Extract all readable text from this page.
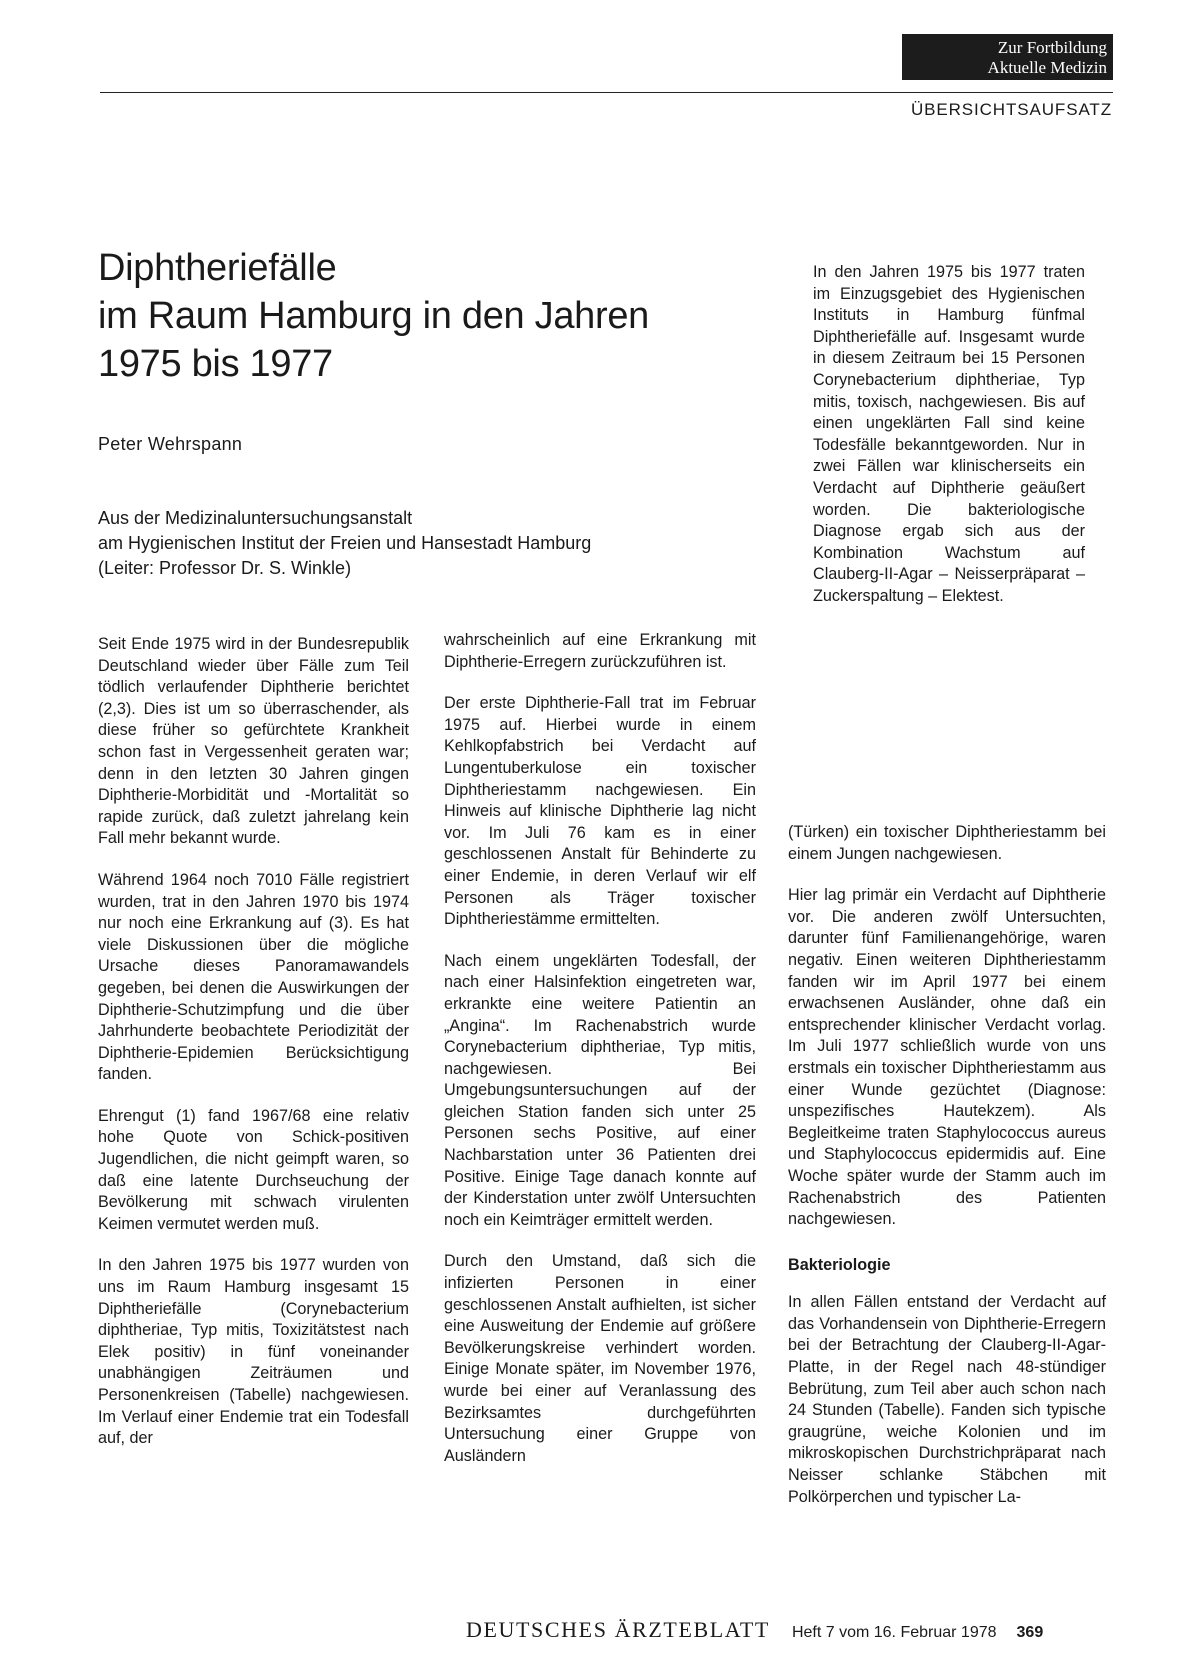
Zur Fortbildung
Aktuelle Medizin
ÜBERSICHTSAUFSATZ
Diphtheriefälle
im Raum Hamburg in den Jahren
1975 bis 1977
Peter Wehrspann
Aus der Medizinaluntersuchungsanstalt
am Hygienischen Institut der Freien und Hansestadt Hamburg
(Leiter: Professor Dr. S. Winkle)

In den Jahren 1975 bis 1977 traten im Einzugsgebiet des Hygienischen Instituts in Hamburg fünfmal Diphtheriefälle auf. Insgesamt wurde in diesem Zeitraum bei 15 Personen Corynebacterium diphtheriae, Typ mitis, toxisch, nachgewiesen. Bis auf einen ungeklärten Fall sind keine Todesfälle bekanntgeworden. Nur in zwei Fällen war klinischerseits ein Verdacht auf Diphtherie geäußert worden. Die bakteriologische Diagnose ergab sich aus der Kombination Wachstum auf Clauberg-II-Agar – Neisserpräparat – Zuckerspaltung – Elektest.

Seit Ende 1975 wird in der Bundesrepublik Deutschland wieder über Fälle zum Teil tödlich verlaufender Diphtherie berichtet (2,3). Dies ist um so überraschender, als diese früher so gefürchtete Krankheit schon fast in Vergessenheit geraten war; denn in den letzten 30 Jahren gingen Diphtherie-Morbidität und -Mortalität so rapide zurück, daß zuletzt jahrelang kein Fall mehr bekannt wurde.

Während 1964 noch 7010 Fälle registriert wurden, trat in den Jahren 1970 bis 1974 nur noch eine Erkrankung auf (3). Es hat viele Diskussionen über die mögliche Ursache dieses Panoramawandels gegeben, bei denen die Auswirkungen der Diphtherie-Schutzimpfung und die über Jahrhunderte beobachtete Periodizität der Diphtherie-Epidemien Berücksichtigung fanden.

Ehrengut (1) fand 1967/68 eine relativ hohe Quote von Schick-positiven Jugendlichen, die nicht geimpft waren, so daß eine latente Durchseuchung der Bevölkerung mit schwach virulenten Keimen vermutet werden muß.

In den Jahren 1975 bis 1977 wurden von uns im Raum Hamburg insgesamt 15 Diphtheriefälle (Corynebacterium diphtheriae, Typ mitis, Toxizitätstest nach Elek positiv) in fünf voneinander unabhängigen Zeiträumen und Personenkreisen (Tabelle) nachgewiesen. Im Verlauf einer Endemie trat ein Todesfall auf, der

wahrscheinlich auf eine Erkrankung mit Diphtherie-Erregern zurückzuführen ist.

Der erste Diphtherie-Fall trat im Februar 1975 auf. Hierbei wurde in einem Kehlkopfabstrich bei Verdacht auf Lungentuberkulose ein toxischer Diphtheriestamm nachgewiesen. Ein Hinweis auf klinische Diphtherie lag nicht vor. Im Juli 76 kam es in einer geschlossenen Anstalt für Behinderte zu einer Endemie, in deren Verlauf wir elf Personen als Träger toxischer Diphtheriestämme ermittelten.

Nach einem ungeklärten Todesfall, der nach einer Halsinfektion eingetreten war, erkrankte eine weitere Patientin an „Angina“. Im Rachenabstrich wurde Corynebacterium diphtheriae, Typ mitis, nachgewiesen. Bei Umgebungsuntersuchungen auf der gleichen Station fanden sich unter 25 Personen sechs Positive, auf einer Nachbarstation unter 36 Patienten drei Positive. Einige Tage danach konnte auf der Kinderstation unter zwölf Untersuchten noch ein Keimträger ermittelt werden.

Durch den Umstand, daß sich die infizierten Personen in einer geschlossenen Anstalt aufhielten, ist sicher eine Ausweitung der Endemie auf größere Bevölkerungskreise verhindert worden. Einige Monate später, im November 1976, wurde bei einer auf Veranlassung des Bezirksamtes durchgeführten Untersuchung einer Gruppe von Ausländern

(Türken) ein toxischer Diphtheriestamm bei einem Jungen nachgewiesen.

Hier lag primär ein Verdacht auf Diphtherie vor. Die anderen zwölf Untersuchten, darunter fünf Familienangehörige, waren negativ. Einen weiteren Diphtheriestamm fanden wir im April 1977 bei einem erwachsenen Ausländer, ohne daß ein entsprechender klinischer Verdacht vorlag. Im Juli 1977 schließlich wurde von uns erstmals ein toxischer Diphtheriestamm aus einer Wunde gezüchtet (Diagnose: unspezifisches Hautekzem). Als Begleitkeime traten Staphylococcus aureus und Staphylococcus epidermidis auf. Eine Woche später wurde der Stamm auch im Rachenabstrich des Patienten nachgewiesen.

Bakteriologie

In allen Fällen entstand der Verdacht auf das Vorhandensein von Diphtherie-Erregern bei der Betrachtung der Clauberg-II-Agar-Platte, in der Regel nach 48-stündiger Bebrütung, zum Teil aber auch schon nach 24 Stunden (Tabelle). Fanden sich typische graugrüne, weiche Kolonien und im mikroskopischen Durchstrichpräparat nach Neisser schlanke Stäbchen mit Polkörperchen und typischer La-

DEUTSCHES ÄRZTEBLATT Heft 7 vom 16. Februar 1978 369
